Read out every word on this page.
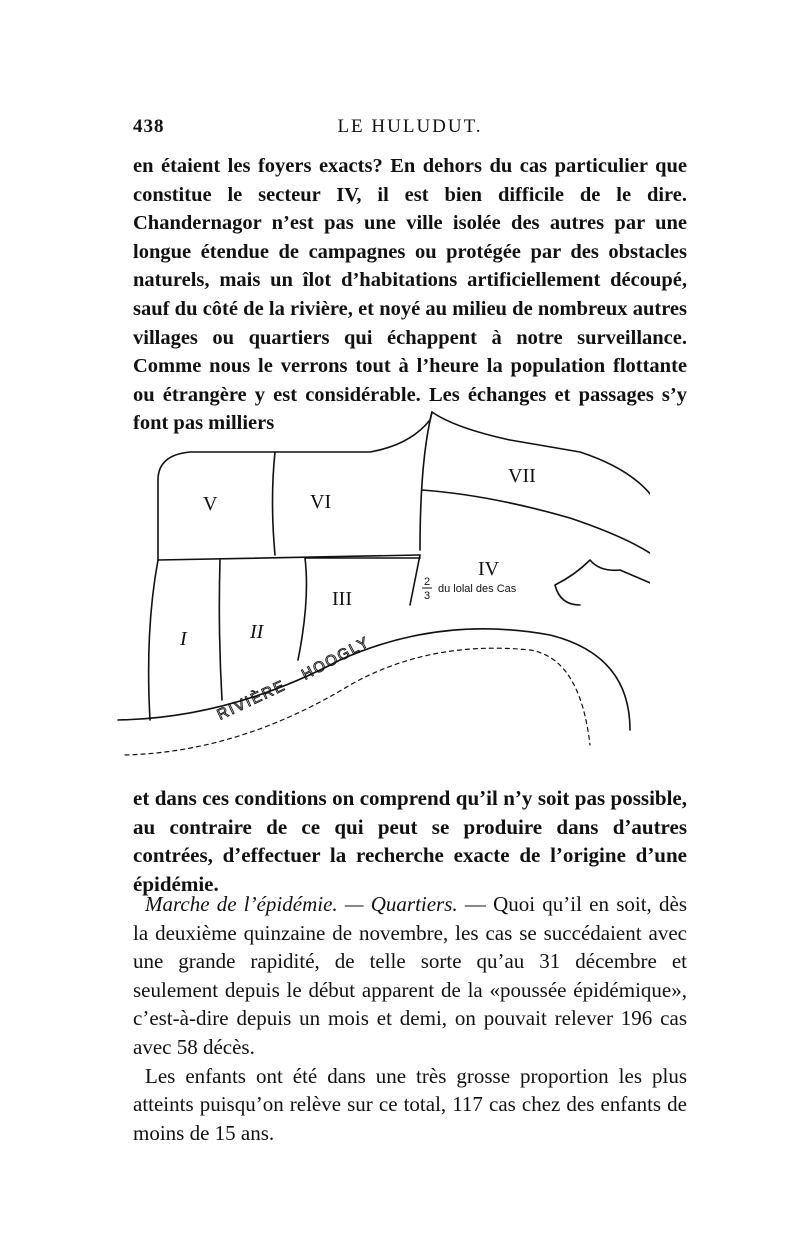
438	LE HULUDUT.

en étaient les foyers exacts? En dehors du cas particulier que constitue le secteur IV, il est bien difficile de le dire. Chandernagor n’est pas une ville isolée des autres par une longue étendue de campagnes ou protégée par des obstacles naturels, mais un îlot d’habitations artificiellement découpé, sauf du côté de la rivière, et noyé au milieu de nombreux autres villages ou quartiers qui échappent à notre surveillance. Comme nous le verrons tout à l’heure la population flottante ou étrangère y est considérable. Les échanges et passages s’y font pas milliers

V	VI
VII
IV
III
I	II
2
3
du lolal des Cas
RIVIÈRE
HOOGLY

et dans ces conditions on comprend qu’il n’y soit pas possible, au contraire de ce qui peut se produire dans d’autres contrées, d’effectuer la recherche exacte de l’origine d’une épidémie.

Marche de l’épidémie. — Quartiers. — Quoi qu’il en soit, dès la deuxième quinzaine de novembre, les cas se succédaient avec une grande rapidité, de telle sorte qu’au 31 décembre et seulement depuis le début apparent de la «poussée épidémique», c’est-à-dire depuis un mois et demi, on pouvait relever 196 cas avec 58 décès.

Les enfants ont été dans une très grosse proportion les plus atteints puisqu’on relève sur ce total, 117 cas chez des enfants de moins de 15 ans.
